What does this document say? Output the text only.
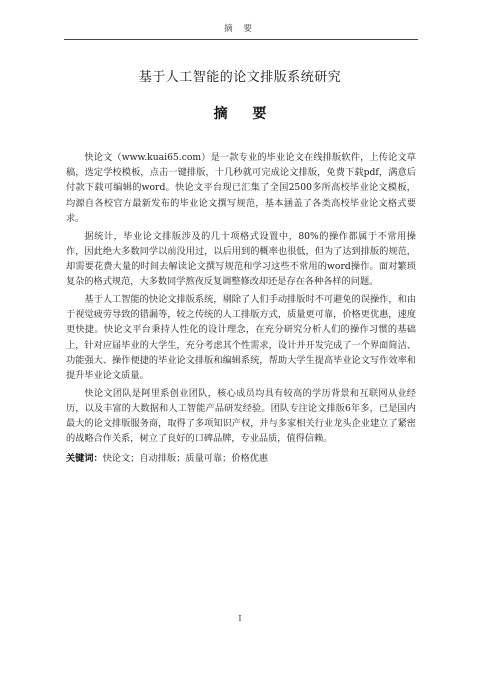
摘 要
基于人工智能的论文排版系统研究
摘 要

快论文（www.kuai65.com）是一款专业的毕业论文在线排版软件，上传论文草稿，选定学校模板，点击一键排版，十几秒就可完成论文排版，免费下载pdf，满意后付款下载可编辑的word。快论文平台现已汇集了全国2500多所高校毕业论文模板，均源自各校官方最新发布的毕业论文撰写规范，基本涵盖了各类高校毕业论文格式要求。

据统计，毕业论文排版涉及的几十项格式设置中，80%的操作都属于不常用操作，因此绝大多数同学以前没用过，以后用到的概率也很低，但为了达到排版的规范，却需要花费大量的时间去解读论文撰写规范和学习这些不常用的word操作。面对繁琐复杂的格式规范，大多数同学熬夜反复调整修改却还是存在各种各样的问题。

基于人工智能的快论文排版系统，剔除了人们手动排版时不可避免的误操作，和由于视觉疲劳导致的错漏等，较之传统的人工排版方式，质量更可靠，价格更优惠，速度更快捷。快论文平台秉持人性化的设计理念，在充分研究分析人们的操作习惯的基础上，针对应届毕业的大学生，充分考虑其个性需求，设计并开发完成了一个界面简洁、功能强大、操作便捷的毕业论文排版和编辑系统，帮助大学生提高毕业论文写作效率和提升毕业论文质量。

快论文团队是阿里系创业团队，核心成员均具有较高的学历背景和互联网从业经历，以及丰富的大数据和人工智能产品研发经验。团队专注论文排版6年多，已是国内最大的论文排版服务商，取得了多项知识产权，并与多家相关行业龙头企业建立了紧密的战略合作关系，树立了良好的口碑品牌，专业品质，值得信赖。

关键词：快论文；自动排版；质量可靠；价格优惠
I
